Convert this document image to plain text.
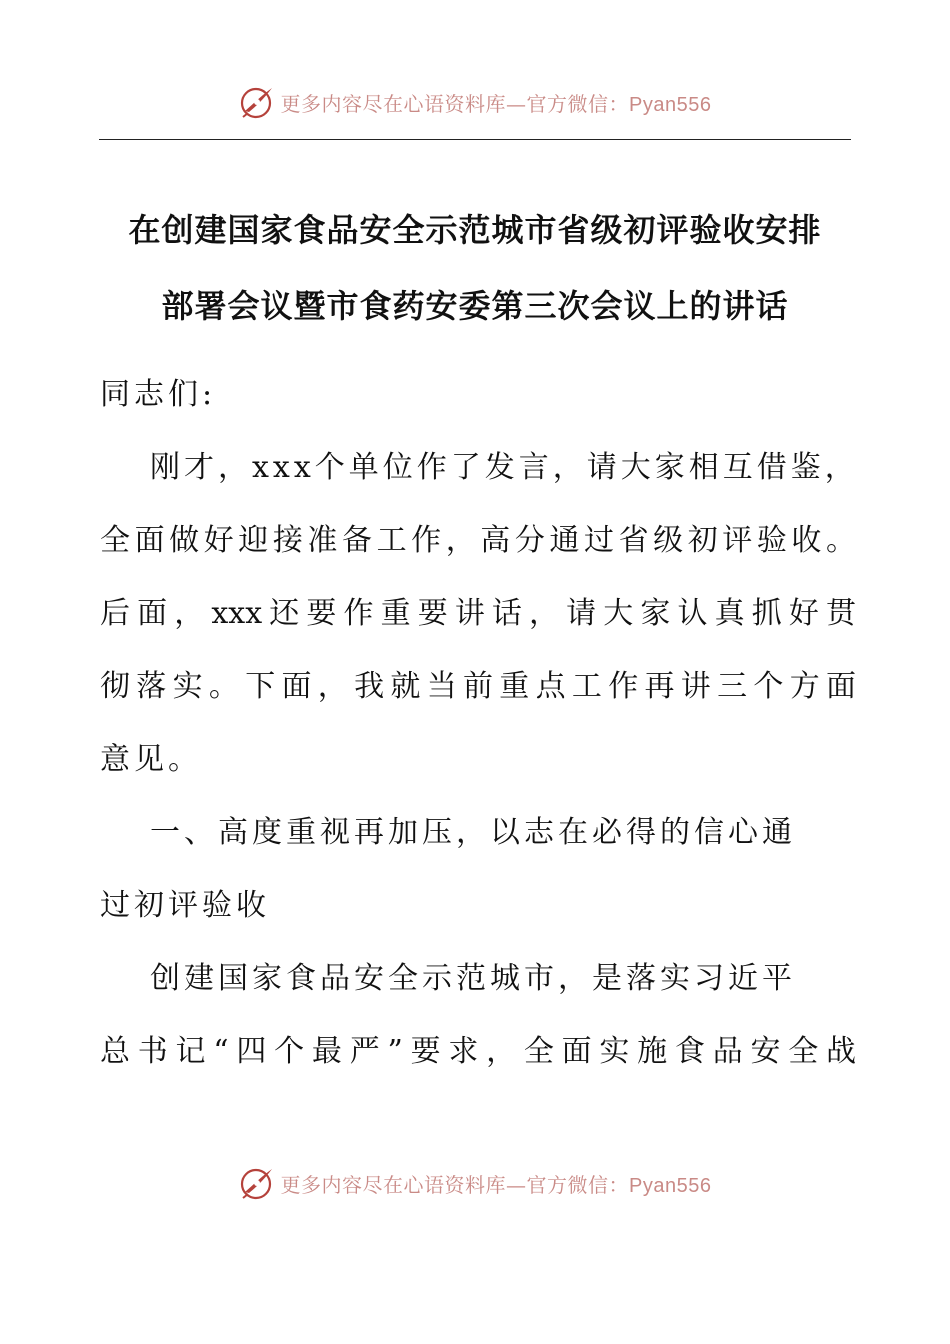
更多内容尽在心语资料库—官方微信：Pyan556
在创建国家食品安全示范城市省级初评验收安排
部署会议暨市食药安委第三次会议上的讲话
同志们:
刚才，xxx个单位作了发言，请大家相互借鉴，
全面做好迎接准备工作，高分通过省级初评验收。
后面，xxx还要作重要讲话，请大家认真抓好贯
彻落实。下面，我就当前重点工作再讲三个方面
意见。
一、高度重视再加压，以志在必得的信心通
过初评验收
创建国家食品安全示范城市，是落实习近平
总书记“四个最严”要求，全面实施食品安全战
更多内容尽在心语资料库—官方微信：Pyan556
